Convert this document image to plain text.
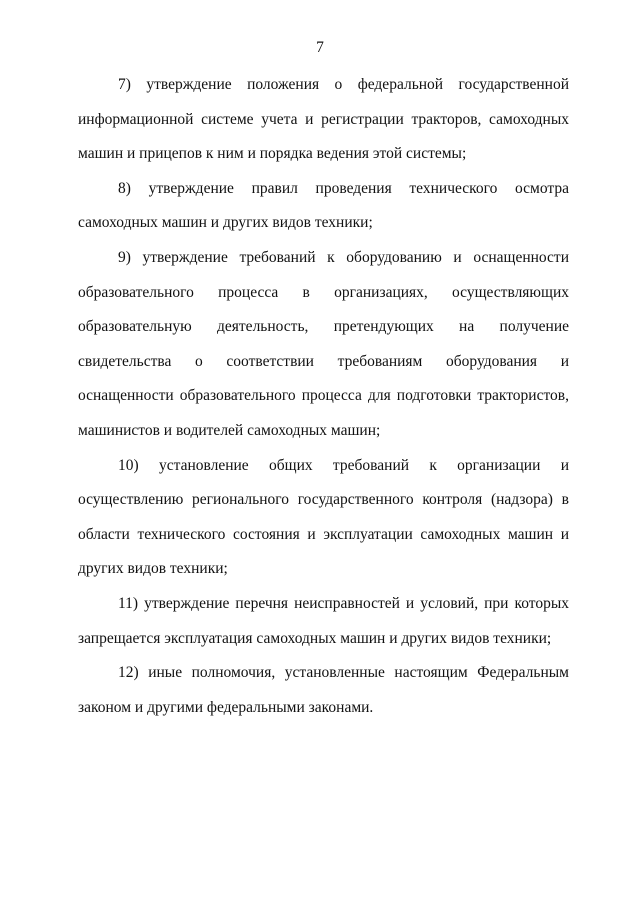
7

7) утверждение положения о федеральной государственной информационной системе учета и регистрации тракторов, самоходных машин и прицепов к ним и порядка ведения этой системы;

8) утверждение правил проведения технического осмотра самоходных машин и других видов техники;

9) утверждение требований к оборудованию и оснащенности образовательного процесса в организациях, осуществляющих образовательную деятельность, претендующих на получение свидетельства о соответствии требованиям оборудования и оснащенности образовательного процесса для подготовки трактористов, машинистов и водителей самоходных машин;

10) установление общих требований к организации и осуществлению регионального государственного контроля (надзора) в области технического состояния и эксплуатации самоходных машин и других видов техники;

11) утверждение перечня неисправностей и условий, при которых запрещается эксплуатация самоходных машин и других видов техники;

12) иные полномочия, установленные настоящим Федеральным законом и другими федеральными законами.
